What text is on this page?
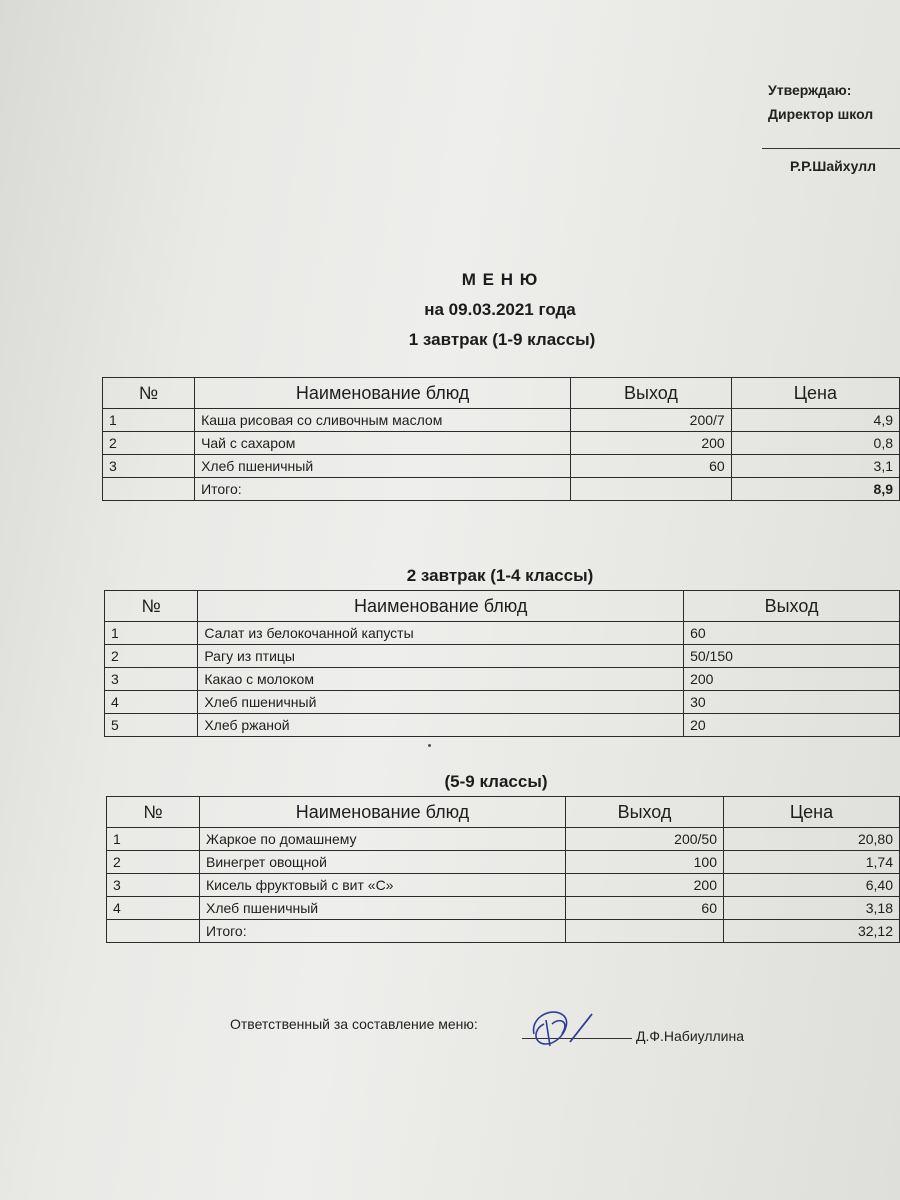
Утверждаю:
Директор школ
Р.Р.Шайхулл
М Е Н Ю
на 09.03.2021 года
1 завтрак (1-9 классы)
№	Наименование блюд	Выход	Цена
1	Каша рисовая со сливочным маслом	200/7	4,9
2	Чай с сахаром	200	0,8
3	Хлеб пшеничный	60	3,1
	Итого:		8,9
2 завтрак (1-4 классы)
№	Наименование блюд	Выход
1	Салат из белокочанной капусты	60
2	Рагу из птицы	50/150
3	Какао с молоком	200
4	Хлеб пшеничный	30
5	Хлеб ржаной	20
(5-9 классы)
№	Наименование блюд	Выход	Цена
1	Жаркое по домашнему	200/50	20,80
2	Винегрет овощной	100	1,74
3	Кисель фруктовый с вит «С»	200	6,40
4	Хлеб пшеничный	60	3,18
	Итого:		32,12
Ответственный за составление меню:
Д.Ф.Набиуллина
